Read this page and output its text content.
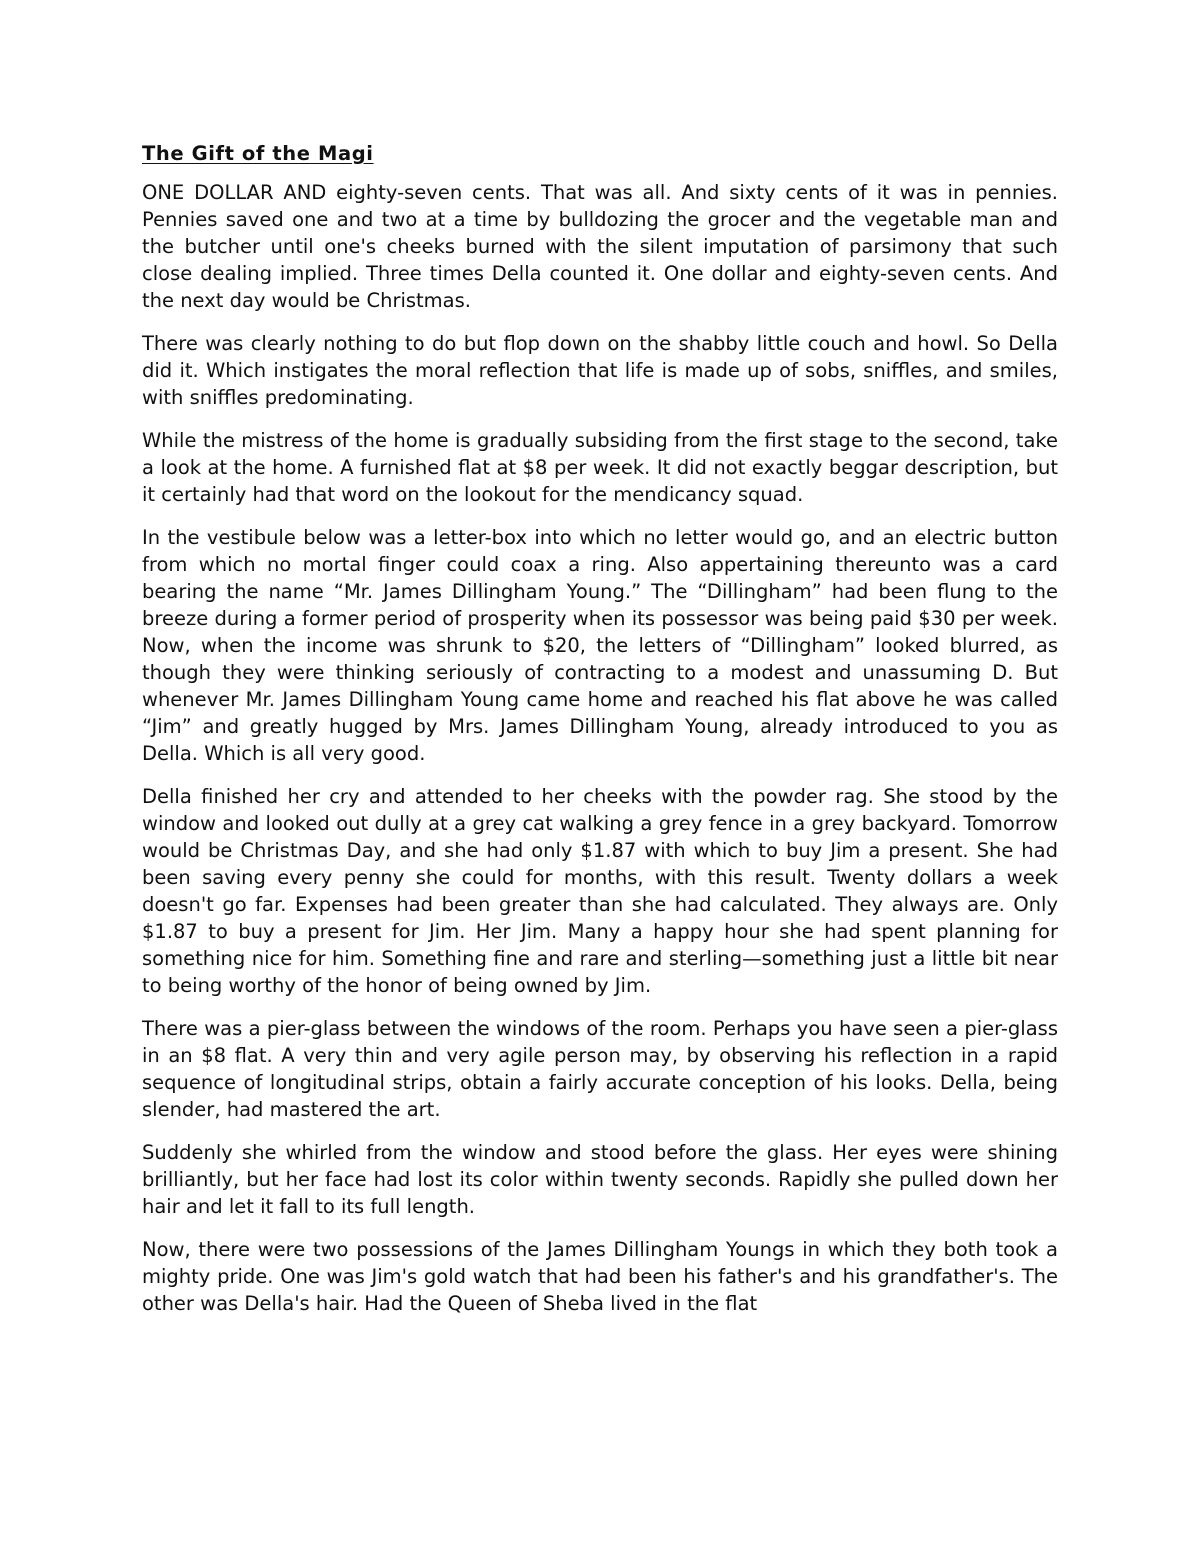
The Gift of the Magi

ONE DOLLAR AND eighty-seven cents. That was all. And sixty cents of it was in pennies. Pennies saved one and two at a time by bulldozing the grocer and the vegetable man and the butcher until one's cheeks burned with the silent imputation of parsimony that such close dealing implied. Three times Della counted it. One dollar and eighty-seven cents. And the next day would be Christmas.

There was clearly nothing to do but flop down on the shabby little couch and howl. So Della did it. Which instigates the moral reflection that life is made up of sobs, sniffles, and smiles, with sniffles predominating.

While the mistress of the home is gradually subsiding from the first stage to the second, take a look at the home. A furnished flat at $8 per week. It did not exactly beggar description, but it certainly had that word on the lookout for the mendicancy squad.

In the vestibule below was a letter-box into which no letter would go, and an electric button from which no mortal finger could coax a ring. Also appertaining thereunto was a card bearing the name “Mr. James Dillingham Young.” The “Dillingham” had been flung to the breeze during a former period of prosperity when its possessor was being paid $30 per week. Now, when the income was shrunk to $20, the letters of “Dillingham” looked blurred, as though they were thinking seriously of contracting to a modest and unassuming D. But whenever Mr. James Dillingham Young came home and reached his flat above he was called “Jim” and greatly hugged by Mrs. James Dillingham Young, already introduced to you as Della. Which is all very good.

Della finished her cry and attended to her cheeks with the powder rag. She stood by the window and looked out dully at a grey cat walking a grey fence in a grey backyard. Tomorrow would be Christmas Day, and she had only $1.87 with which to buy Jim a present. She had been saving every penny she could for months, with this result. Twenty dollars a week doesn't go far. Expenses had been greater than she had calculated. They always are. Only $1.87 to buy a present for Jim. Her Jim. Many a happy hour she had spent planning for something nice for him. Something fine and rare and sterling—something just a little bit near to being worthy of the honor of being owned by Jim.

There was a pier-glass between the windows of the room. Perhaps you have seen a pier-glass in an $8 flat. A very thin and very agile person may, by observing his reflection in a rapid sequence of longitudinal strips, obtain a fairly accurate conception of his looks. Della, being slender, had mastered the art.

Suddenly she whirled from the window and stood before the glass. Her eyes were shining brilliantly, but her face had lost its color within twenty seconds. Rapidly she pulled down her hair and let it fall to its full length.

Now, there were two possessions of the James Dillingham Youngs in which they both took a mighty pride. One was Jim's gold watch that had been his father's and his grandfather's. The other was Della's hair. Had the Queen of Sheba lived in the flat
